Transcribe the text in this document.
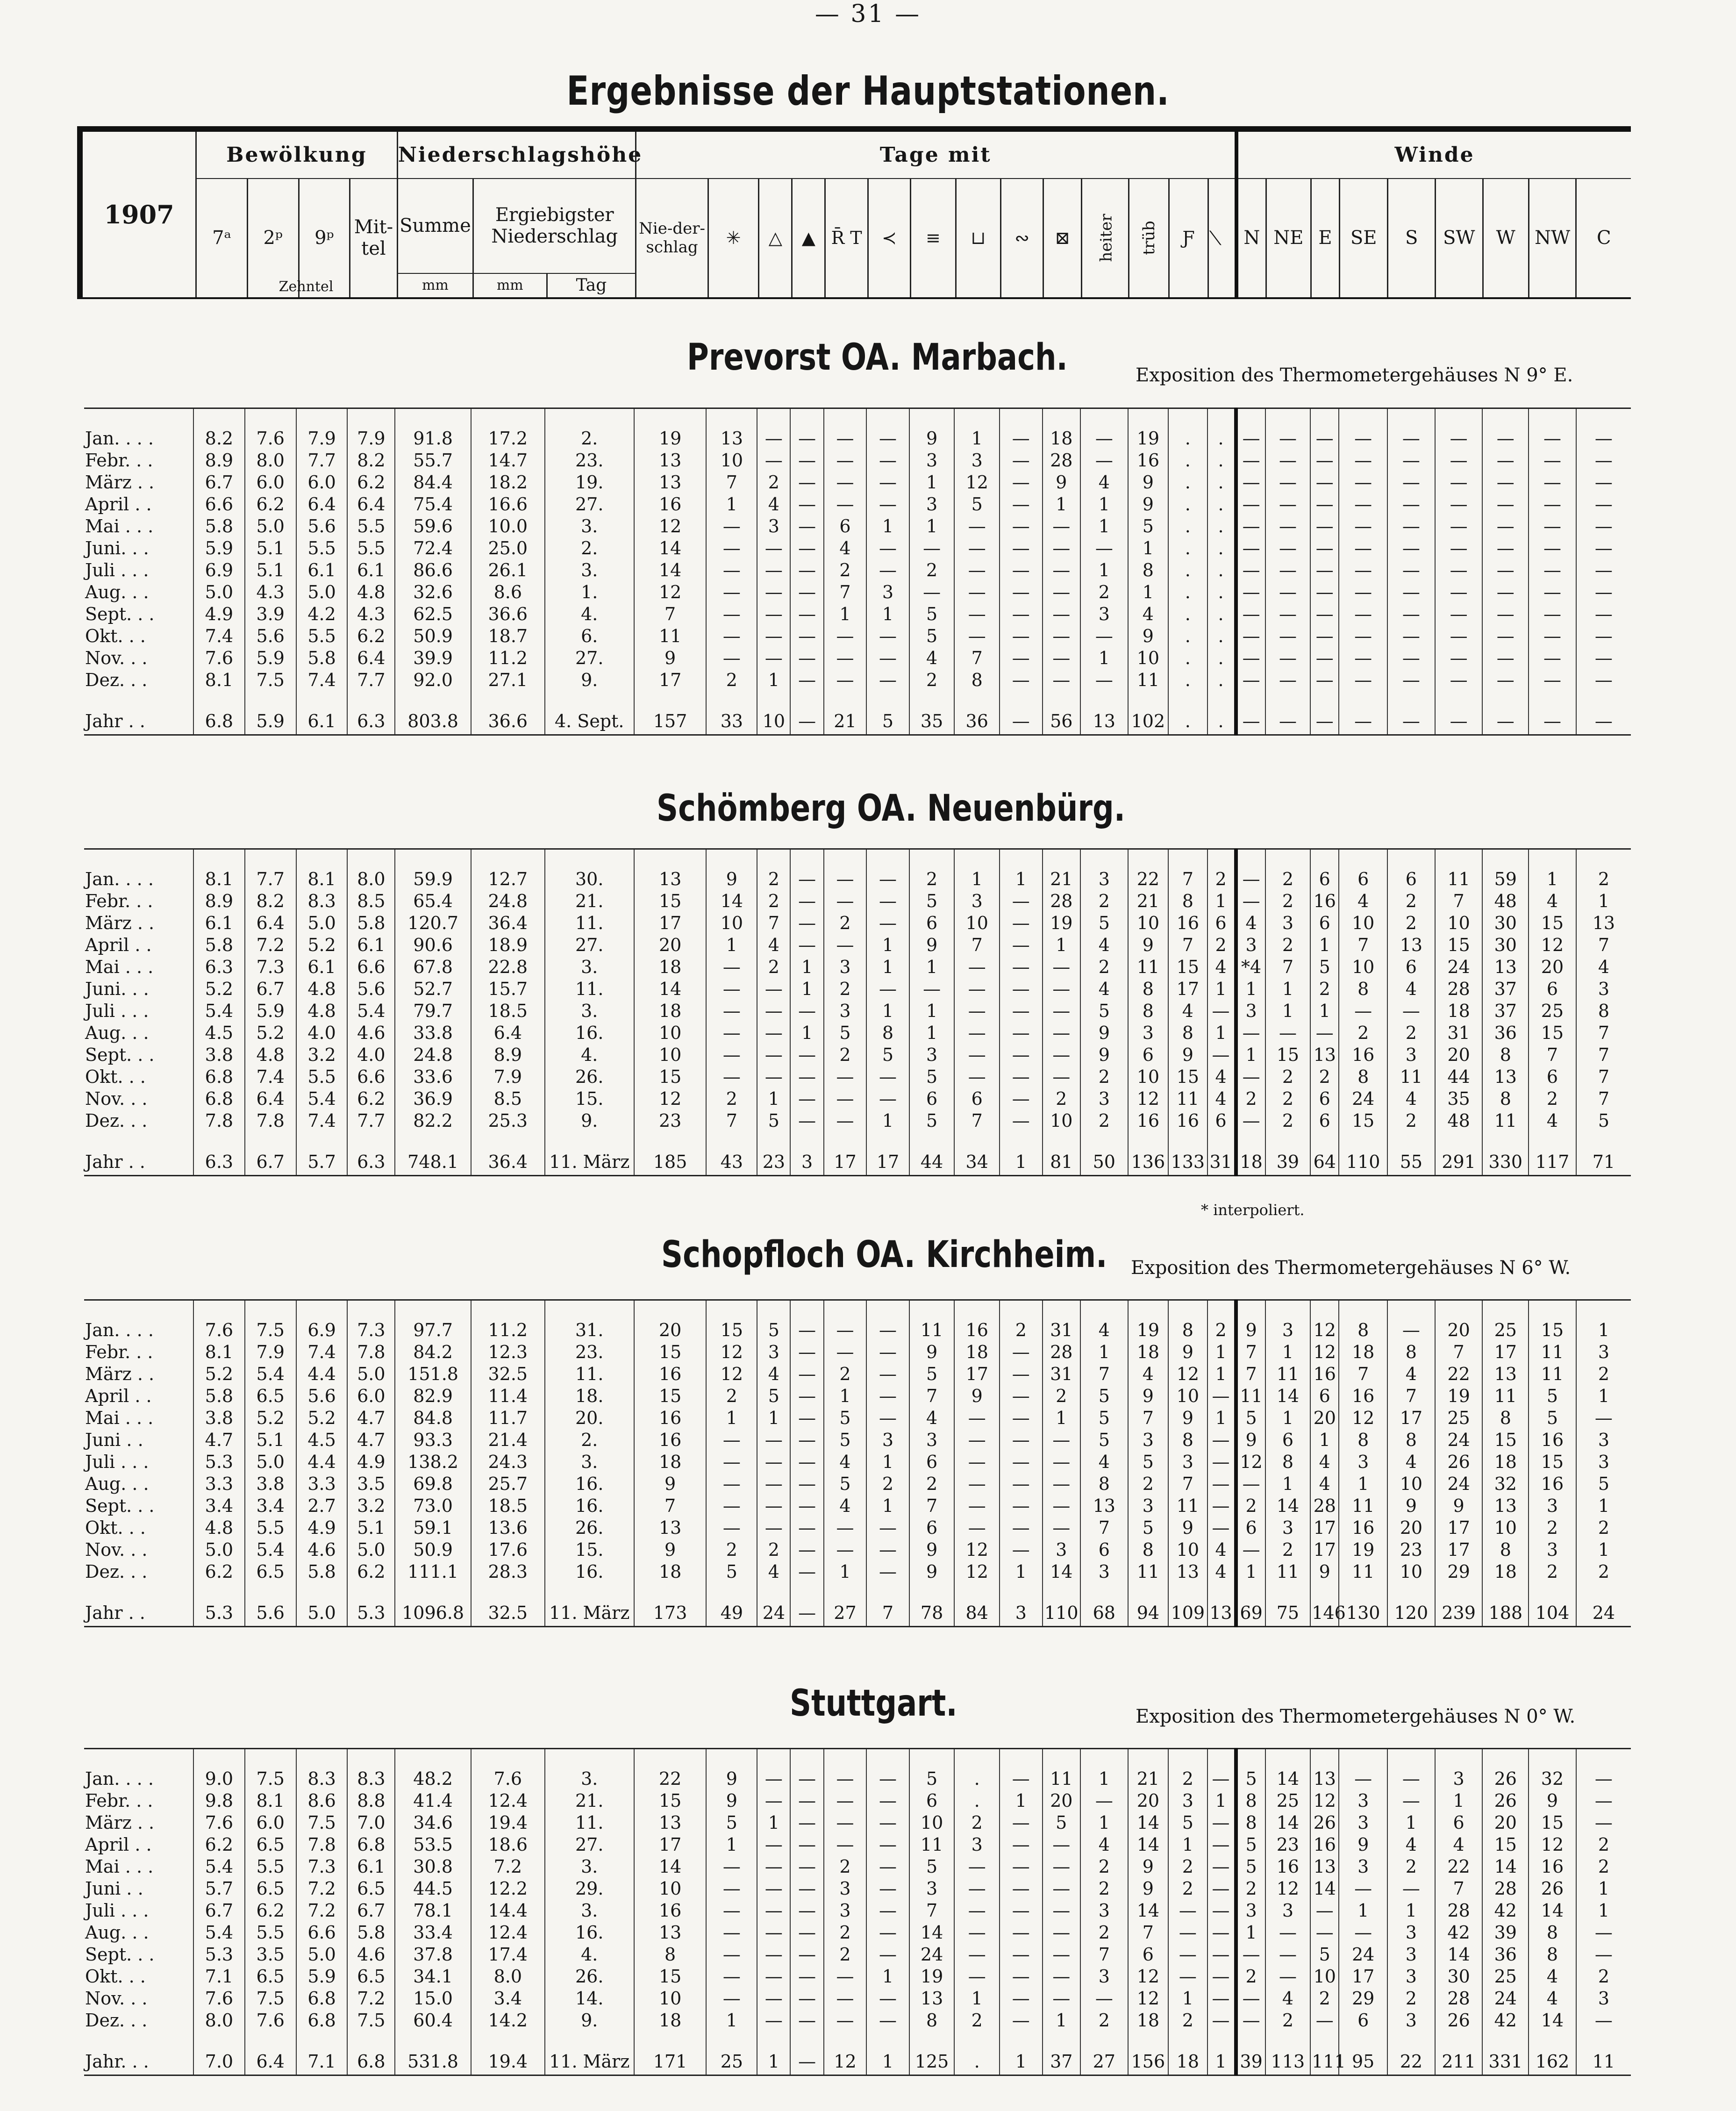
— 31 —
Ergebnisse der Hauptstationen.
1907	Bewölkung				Niederschlagshöhe			Tage mit														Winde								
	7ᵃ	2ᵖ	9ᵖ	Mit-tel	Summe	Ergiebigster Niederschlag		Nie-der-schlag	✳	△	▲	R̄ T	≺	≡	⊔	∾	⊠	heiter	trüb	Ƒ		N	NE	E	SE	S	SW	W	NW	C
					mm	mm	Tag																							
Zehntel
Prevorst OA. Marbach.	Exposition des Thermometergehäuses N 9° E.

Jan. . . .	8.2	7.6	7.9	7.9	91.8	17.2	2.	19	13	—	—	—	—	9	1	—	18	—	19	.	.	—	—	—	—	—	—	—	—	—
Febr. . .	8.9	8.0	7.7	8.2	55.7	14.7	23.	13	10	—	—	—	—	3	3	—	28	—	16	.	.	—	—	—	—	—	—	—	—	—
März . .	6.7	6.0	6.0	6.2	84.4	18.2	19.	13	7	2	—	—	—	1	12	—	9	4	9	.	.	—	—	—	—	—	—	—	—	—
April . .	6.6	6.2	6.4	6.4	75.4	16.6	27.	16	1	4	—	—	—	3	5	—	1	1	9	.	.	—	—	—	—	—	—	—	—	—
Mai . . .	5.8	5.0	5.6	5.5	59.6	10.0	3.	12	—	3	—	6	1	1	—	—	—	1	5	.	.	—	—	—	—	—	—	—	—	—
Juni. . .	5.9	5.1	5.5	5.5	72.4	25.0	2.	14	—	—	—	4	—	—	—	—	—	—	1	.	.	—	—	—	—	—	—	—	—	—
Juli . . .	6.9	5.1	6.1	6.1	86.6	26.1	3.	14	—	—	—	2	—	2	—	—	—	1	8	.	.	—	—	—	—	—	—	—	—	—
Aug. . .	5.0	4.3	5.0	4.8	32.6	8.6	1.	12	—	—	—	7	3	—	—	—	—	2	1	.	.	—	—	—	—	—	—	—	—	—
Sept. . .	4.9	3.9	4.2	4.3	62.5	36.6	4.	7	—	—	—	1	1	5	—	—	—	3	4	.	.	—	—	—	—	—	—	—	—	—
Okt. . .	7.4	5.6	5.5	6.2	50.9	18.7	6.	11	—	—	—	—	—	5	—	—	—	—	9	.	.	—	—	—	—	—	—	—	—	—
Nov. . .	7.6	5.9	5.8	6.4	39.9	11.2	27.	9	—	—	—	—	—	4	7	—	—	1	10	.	.	—	—	—	—	—	—	—	—	—
Dez. . .	8.1	7.5	7.4	7.7	92.0	27.1	9.	17	2	1	—	—	—	2	8	—	—	—	11	.	.	—	—	—	—	—	—	—	—	—

Jahr . .	6.8	5.9	6.1	6.3	803.8	36.6	4. Sept.	157	33	10	—	21	5	35	36	—	56	13	102	.	.	—	—	—	—	—	—	—	—	—
Schömberg OA. Neuenbürg.

Jan. . . .	8.1	7.7	8.1	8.0	59.9	12.7	30.	13	9	2	—	—	—	2	1	1	21	3	22	7	2	—	2	6	6	6	11	59	1	2
Febr. . .	8.9	8.2	8.3	8.5	65.4	24.8	21.	15	14	2	—	—	—	5	3	—	28	2	21	8	1	—	2	16	4	2	7	48	4	1
März . .	6.1	6.4	5.0	5.8	120.7	36.4	11.	17	10	7	—	2	—	6	10	—	19	5	10	16	6	4	3	6	10	2	10	30	15	13
April . .	5.8	7.2	5.2	6.1	90.6	18.9	27.	20	1	4	—	—	1	9	7	—	1	4	9	7	2	3	2	1	7	13	15	30	12	7
Mai . . .	6.3	7.3	6.1	6.6	67.8	22.8	3.	18	—	2	1	3	1	1	—	—	—	2	11	15	4	*4	7	5	10	6	24	13	20	4
Juni. . .	5.2	6.7	4.8	5.6	52.7	15.7	11.	14	—	—	1	2	—	—	—	—	—	4	8	17	1	1	1	2	8	4	28	37	6	3
Juli . . .	5.4	5.9	4.8	5.4	79.7	18.5	3.	18	—	—	—	3	1	1	—	—	—	5	8	4	—	3	1	1	—	—	18	37	25	8
Aug. . .	4.5	5.2	4.0	4.6	33.8	6.4	16.	10	—	—	1	5	8	1	—	—	—	9	3	8	1	—	—	—	2	2	31	36	15	7
Sept. . .	3.8	4.8	3.2	4.0	24.8	8.9	4.	10	—	—	—	2	5	3	—	—	—	9	6	9	—	1	15	13	16	3	20	8	7	7
Okt. . .	6.8	7.4	5.5	6.6	33.6	7.9	26.	15	—	—	—	—	—	5	—	—	—	2	10	15	4	—	2	2	8	11	44	13	6	7
Nov. . .	6.8	6.4	5.4	6.2	36.9	8.5	15.	12	2	1	—	—	—	6	6	—	2	3	12	11	4	2	2	6	24	4	35	8	2	7
Dez. . .	7.8	7.8	7.4	7.7	82.2	25.3	9.	23	7	5	—	—	1	5	7	—	10	2	16	16	6	—	2	6	15	2	48	11	4	5

Jahr . .	6.3	6.7	5.7	6.3	748.1	36.4	11. März	185	43	23	3	17	17	44	34	1	81	50	136	133	31	18	39	64	110	55	291	330	117	71
* interpoliert.
Schopfloch OA. Kirchheim. Exposition des Thermometergehäuses N 6° W.

Jan. . . .	7.6	7.5	6.9	7.3	97.7	11.2	31.	20	15	5	—	—	—	11	16	2	31	4	19	8	2	9	3	12	8	—	20	25	15	1
Febr. . .	8.1	7.9	7.4	7.8	84.2	12.3	23.	15	12	3	—	—	—	9	18	—	28	1	18	9	1	7	1	12	18	8	7	17	11	3
März . .	5.2	5.4	4.4	5.0	151.8	32.5	11.	16	12	4	—	2	—	5	17	—	31	7	4	12	1	7	11	16	7	4	22	13	11	2
April . .	5.8	6.5	5.6	6.0	82.9	11.4	18.	15	2	5	—	1	—	7	9	—	2	5	9	10	—	11	14	6	16	7	19	11	5	1
Mai . . .	3.8	5.2	5.2	4.7	84.8	11.7	20.	16	1	1	—	5	—	4	—	—	1	5	7	9	1	5	1	20	12	17	25	8	5	—
Juni . .	4.7	5.1	4.5	4.7	93.3	21.4	2.	16	—	—	—	5	3	3	—	—	—	5	3	8	—	9	6	1	8	8	24	15	16	3
Juli . . .	5.3	5.0	4.4	4.9	138.2	24.3	3.	18	—	—	—	4	1	6	—	—	—	4	5	3	—	12	8	4	3	4	26	18	15	3
Aug. . .	3.3	3.8	3.3	3.5	69.8	25.7	16.	9	—	—	—	5	2	2	—	—	—	8	2	7	—	—	1	4	1	10	24	32	16	5
Sept. . .	3.4	3.4	2.7	3.2	73.0	18.5	16.	7	—	—	—	4	1	7	—	—	—	13	3	11	—	2	14	28	11	9	9	13	3	1
Okt. . .	4.8	5.5	4.9	5.1	59.1	13.6	26.	13	—	—	—	—	—	6	—	—	—	7	5	9	—	6	3	17	16	20	17	10	2	2
Nov. . .	5.0	5.4	4.6	5.0	50.9	17.6	15.	9	2	2	—	—	—	9	12	—	3	6	8	10	4	—	2	17	19	23	17	8	3	1
Dez. . .	6.2	6.5	5.8	6.2	111.1	28.3	16.	18	5	4	—	1	—	9	12	1	14	3	11	13	4	1	11	9	11	10	29	18	2	2

Jahr . .	5.3	5.6	5.0	5.3	1096.8	32.5	11. März	173	49	24	—	27	7	78	84	3	110	68	94	109	13	69	75	146	130	120	239	188	104	24
Stuttgart.	Exposition des Thermometergehäuses N 0° W.

Jan. . . .	9.0	7.5	8.3	8.3	48.2	7.6	3.	22	9	—	—	—	—	5	.	—	11	1	21	2	—	5	14	13	—	—	3	26	32	—
Febr. . .	9.8	8.1	8.6	8.8	41.4	12.4	21.	15	9	—	—	—	—	6	.	1	20	—	20	3	1	8	25	12	3	—	1	26	9	—
März . .	7.6	6.0	7.5	7.0	34.6	19.4	11.	13	5	1	—	—	—	10	2	—	5	1	14	5	—	8	14	26	3	1	6	20	15	—
April . .	6.2	6.5	7.8	6.8	53.5	18.6	27.	17	1	—	—	—	—	11	3	—	—	4	14	1	—	5	23	16	9	4	4	15	12	2
Mai . . .	5.4	5.5	7.3	6.1	30.8	7.2	3.	14	—	—	—	2	—	5	—	—	—	2	9	2	—	5	16	13	3	2	22	14	16	2
Juni . .	5.7	6.5	7.2	6.5	44.5	12.2	29.	10	—	—	—	3	—	3	—	—	—	2	9	2	—	2	12	14	—	—	7	28	26	1
Juli . . .	6.7	6.2	7.2	6.7	78.1	14.4	3.	16	—	—	—	3	—	7	—	—	—	3	14	—	—	3	3	—	1	1	28	42	14	1
Aug. . .	5.4	5.5	6.6	5.8	33.4	12.4	16.	13	—	—	—	2	—	14	—	—	—	2	7	—	—	1	—	—	—	3	42	39	8	—
Sept. . .	5.3	3.5	5.0	4.6	37.8	17.4	4.	8	—	—	—	2	—	24	—	—	—	7	6	—	—	—	—	5	24	3	14	36	8	—
Okt. . .	7.1	6.5	5.9	6.5	34.1	8.0	26.	15	—	—	—	—	1	19	—	—	—	3	12	—	—	2	—	10	17	3	30	25	4	2
Nov. . .	7.6	7.5	6.8	7.2	15.0	3.4	14.	10	—	—	—	—	—	13	1	—	—	—	12	1	—	—	4	2	29	2	28	24	4	3
Dez. . .	8.0	7.6	6.8	7.5	60.4	14.2	9.	18	1	—	—	—	—	8	2	—	1	2	18	2	—	—	2	—	6	3	26	42	14	—

Jahr. . .	7.0	6.4	7.1	6.8	531.8	19.4	11. März	171	25	1	—	12	1	125	.	1	37	27	156	18	1	39	113	111	95	22	211	331	162	11
